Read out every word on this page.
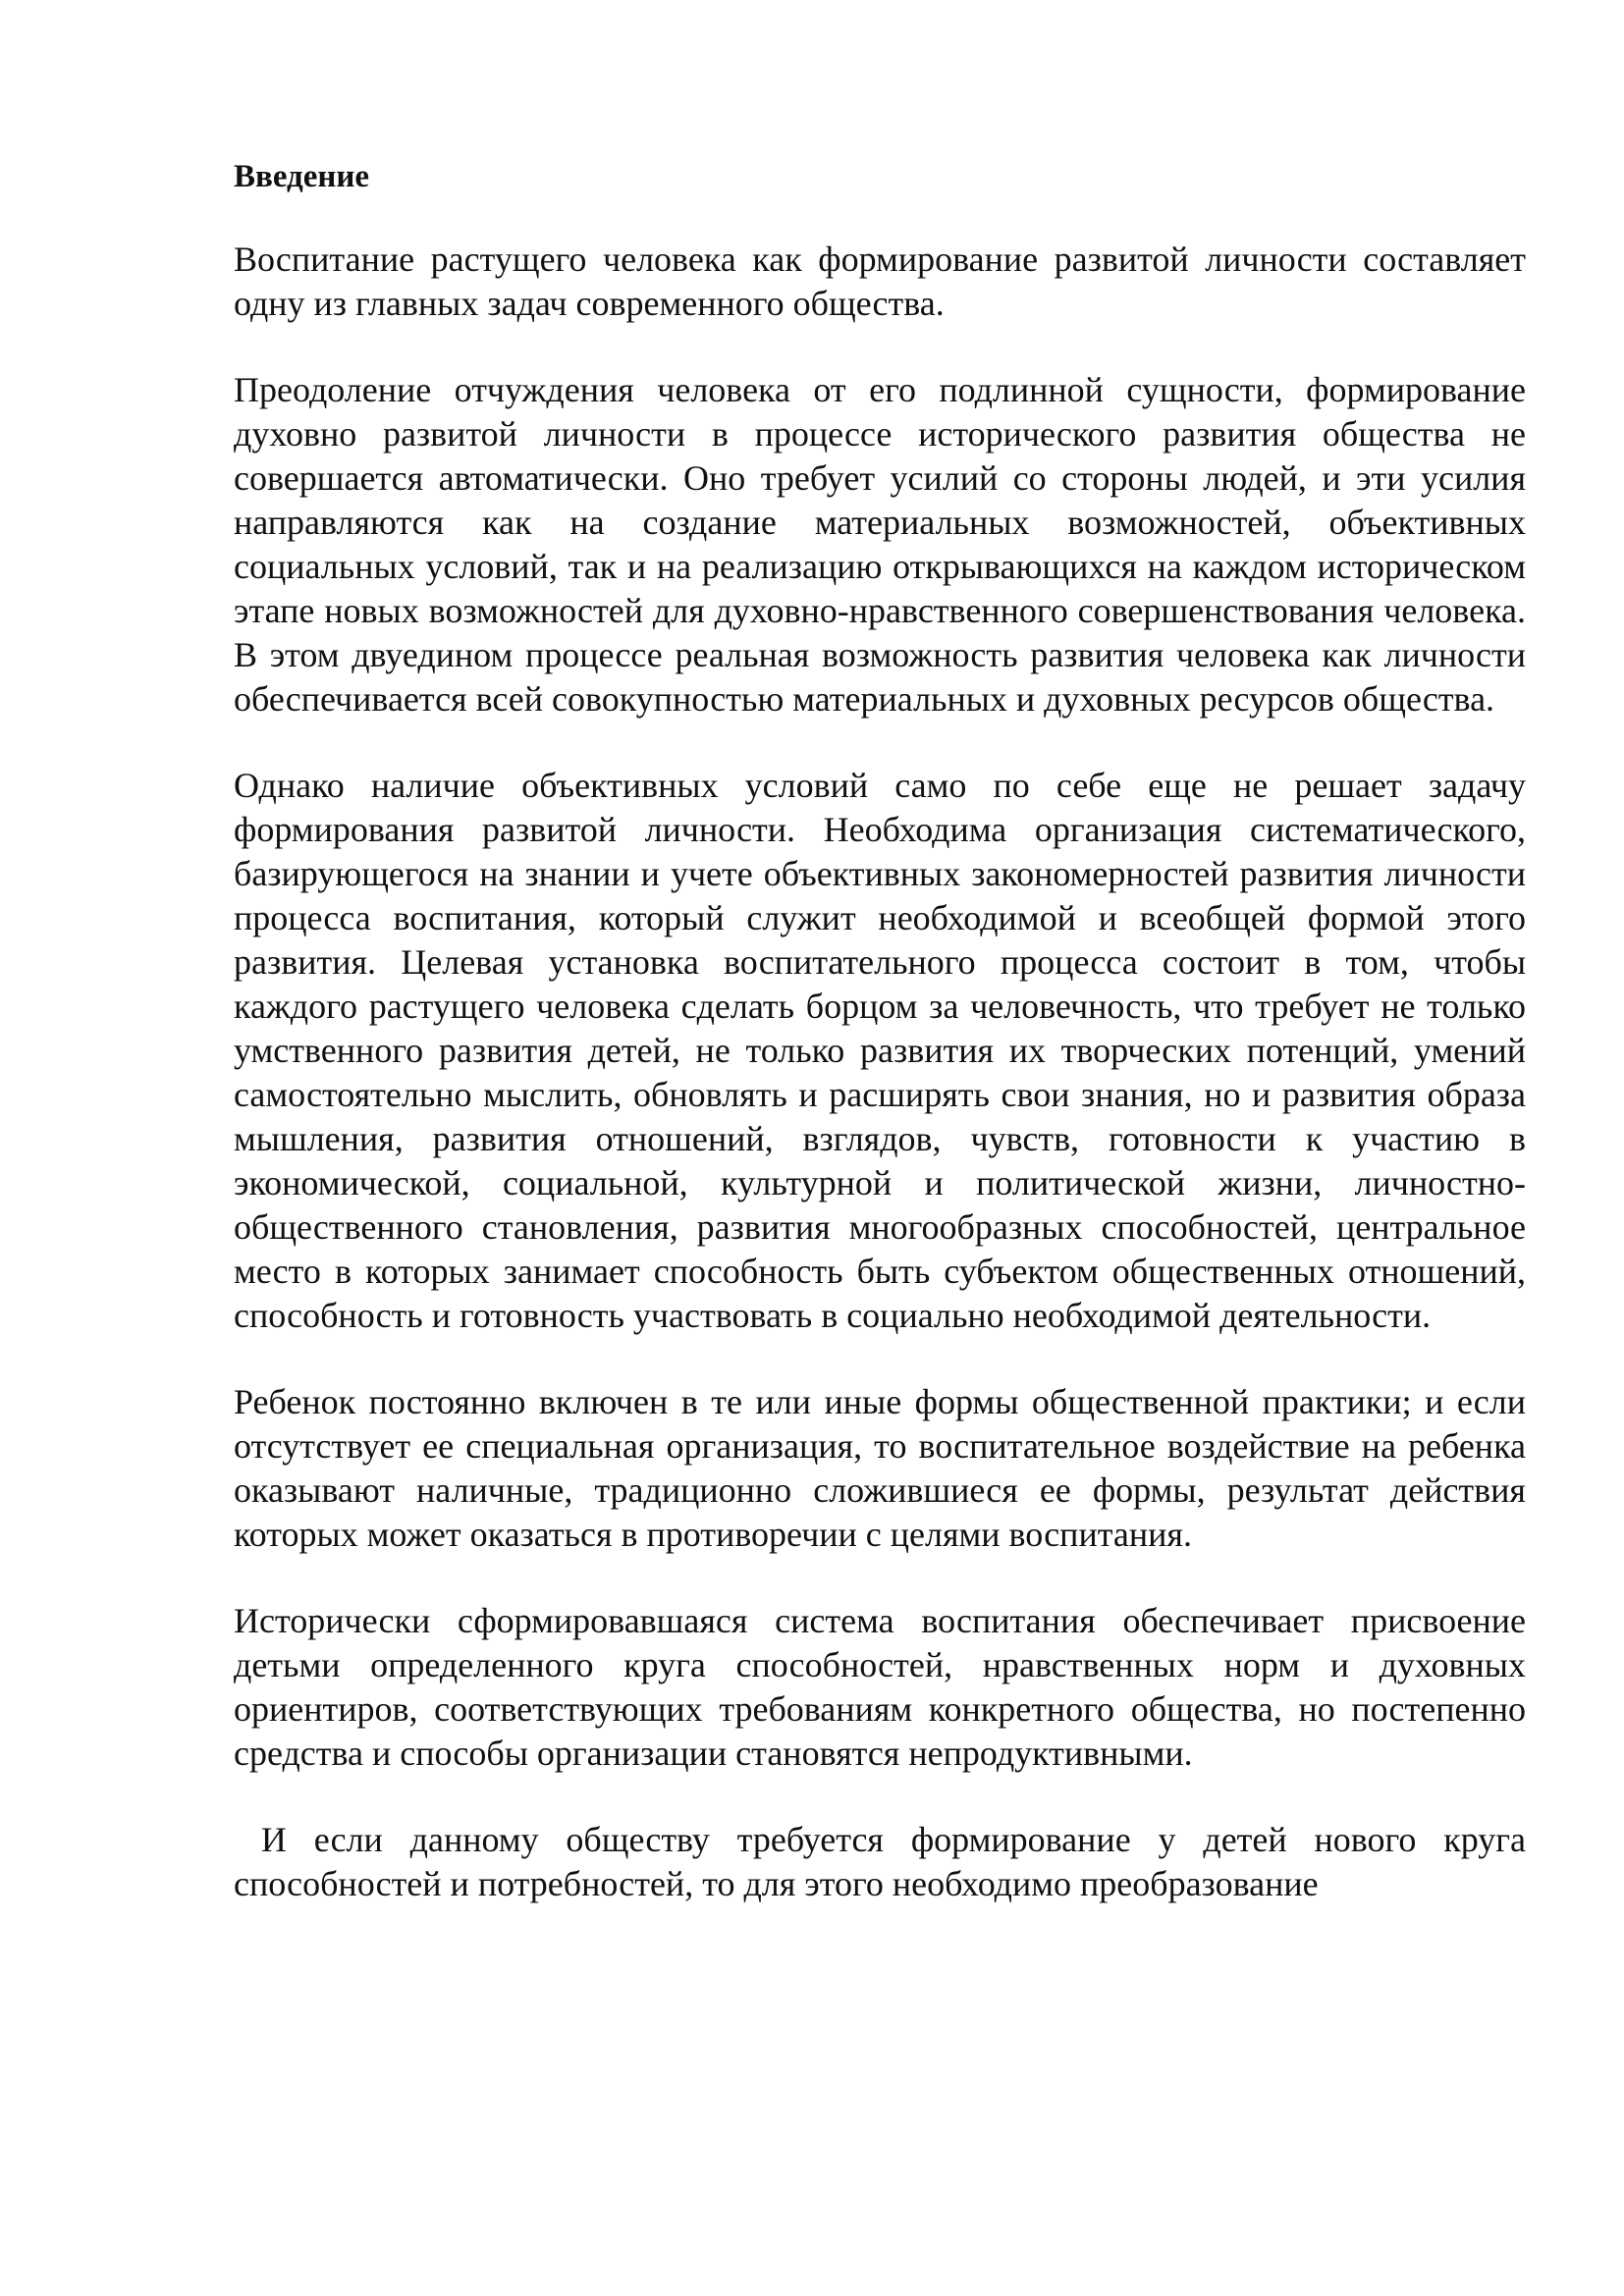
Введение

Воспитание растущего человека как формирование развитой личности составляет одну из главных задач современного общества.

Преодоление отчуждения человека от его подлинной сущности, формирование духовно развитой личности в процессе исторического развития общества не совершается автоматически. Оно требует усилий со стороны людей, и эти усилия направляются как на создание материальных возможностей, объективных социальных условий, так и на реализацию открывающихся на каждом историческом этапе новых возможностей для духовно-нравственного совершенствования человека. В этом двуедином процессе реальная возможность развития человека как личности обеспечивается всей совокупностью материальных и духовных ресурсов общества.

Однако наличие объективных условий само по себе еще не решает задачу формирования развитой личности. Необходима организация систематического, базирующегося на знании и учете объективных закономерностей развития личности процесса воспитания, который служит необходимой и всеобщей формой этого развития. Целевая установка воспитательного процесса состоит в том, чтобы каждого растущего человека сделать борцом за человечность, что требует не только умственного развития детей, не только развития их творческих потенций, умений самостоятельно мыслить, обновлять и расширять свои знания, но и развития образа мышления, развития отношений, взглядов, чувств, готовности к участию в экономической, социальной, культурной и политической жизни, личностно-общественного становления, развития многообразных способностей, центральное место в которых занимает способность быть субъектом общественных отношений, способность и готовность участвовать в социально необходимой деятельности.

Ребенок постоянно включен в те или иные формы общественной практики; и если отсутствует ее специальная организация, то воспитательное воздействие на ребенка оказывают наличные, традиционно сложившиеся ее формы, результат действия которых может оказаться в противоречии с целями воспитания.

Исторически сформировавшаяся система воспитания обеспечивает присвоение детьми определенного круга способностей, нравственных норм и духовных ориентиров, соответствующих требованиям конкретного общества, но постепенно средства и способы организации становятся непродуктивными.

И если данному обществу требуется формирование у детей нового круга способностей и потребностей, то для этого необходимо преобразование
